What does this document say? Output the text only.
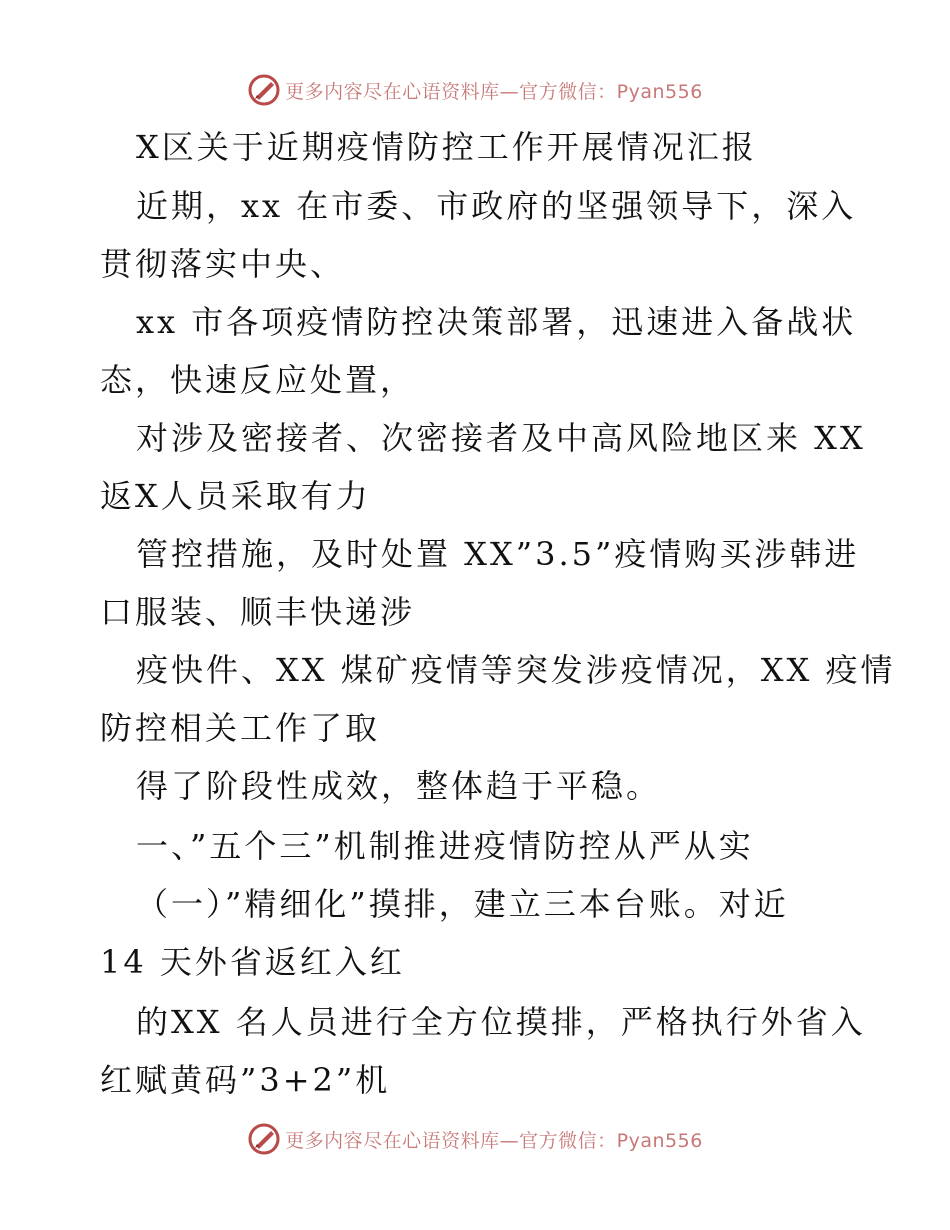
更多内容尽在心语资料库—官方微信：Pyan556
X区关于近期疫情防控工作开展情况汇报
近期，xx 在市委、市政府的坚强领导下，深入
贯彻落实中央、
xx 市各项疫情防控决策部署，迅速进入备战状
态，快速反应处置，
对涉及密接者、次密接者及中高风险地区来 XX
返X人员采取有力
管控措施，及时处置 XX”3.5”疫情购买涉韩进
口服装、顺丰快递涉
疫快件、XX 煤矿疫情等突发涉疫情况，XX 疫情
防控相关工作了取
得了阶段性成效，整体趋于平稳。
一、”五个三”机制推进疫情防控从严从实
（一）”精细化”摸排，建立三本台账。对近
14 天外省返红入红
的XX 名人员进行全方位摸排，严格执行外省入
红赋黄码”3+2”机
更多内容尽在心语资料库—官方微信：Pyan556
